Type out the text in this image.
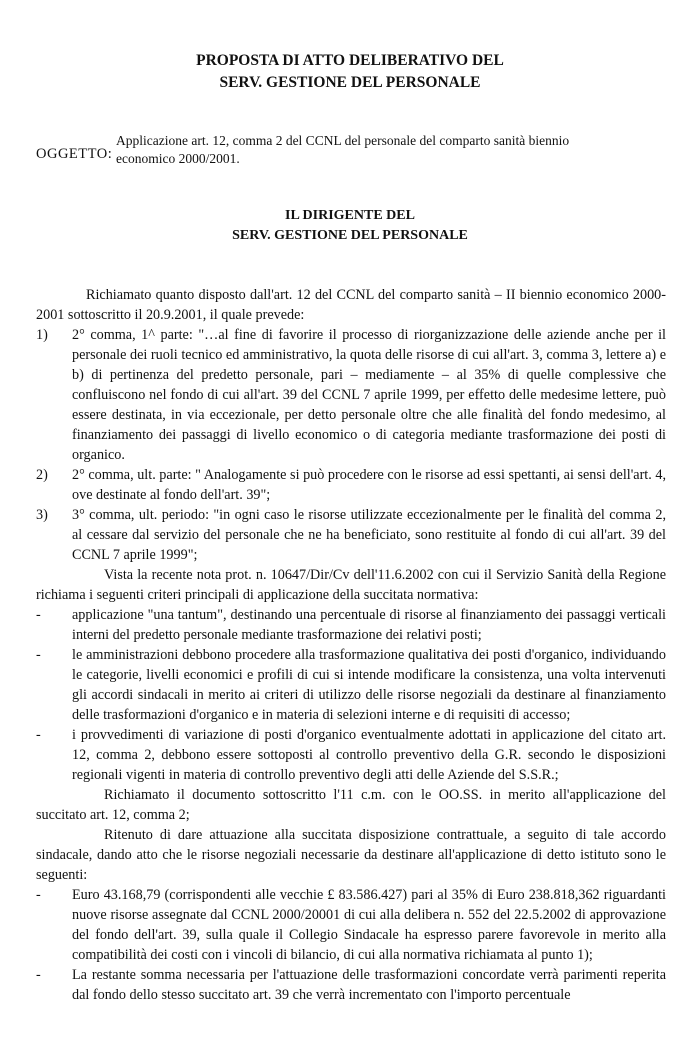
PROPOSTA DI ATTO DELIBERATIVO DEL
SERV. GESTIONE DEL PERSONALE
OGGETTO:
Applicazione art. 12, comma 2 del CCNL del personale del comparto sanità biennio
economico 2000/2001.
IL DIRIGENTE DEL
SERV. GESTIONE DEL PERSONALE

Richiamato quanto disposto dall'art. 12 del CCNL del comparto sanità – II biennio economico 2000-2001 sottoscritto il 20.9.2001, il quale prevede:

1) 2° comma, 1^ parte: "…al fine di favorire il processo di riorganizzazione delle aziende anche per il personale dei ruoli tecnico ed amministrativo, la quota delle risorse di cui all'art. 3, comma 3, lettere a) e b) di pertinenza del predetto personale, pari – mediamente – al 35% di quelle complessive che confluiscono nel fondo di cui all'art. 39 del CCNL 7 aprile 1999, per effetto delle medesime lettere, può essere destinata, in via eccezionale, per detto personale oltre che alle finalità del fondo medesimo, al finanziamento dei passaggi di livello economico o di categoria mediante trasformazione dei posti di organico.

2) 2° comma, ult. parte: " Analogamente si può procedere con le risorse ad essi spettanti, ai sensi dell'art. 4, ove destinate al fondo dell'art. 39";

3) 3° comma, ult. periodo: "in ogni caso le risorse utilizzate eccezionalmente per le finalità del comma 2, al cessare dal servizio del personale che ne ha beneficiato, sono restituite al fondo di cui all'art. 39 del CCNL 7 aprile 1999";

Vista la recente nota prot. n. 10647/Dir/Cv dell'11.6.2002 con cui il Servizio Sanità della Regione richiama i seguenti criteri principali di applicazione della succitata normativa:

- applicazione "una tantum", destinando una percentuale di risorse al finanziamento dei passaggi verticali interni del predetto personale mediante trasformazione dei relativi posti;

- le amministrazioni debbono procedere alla trasformazione qualitativa dei posti d'organico, individuando le categorie, livelli economici e profili di cui si intende modificare la consistenza, una volta intervenuti gli accordi sindacali in merito ai criteri di utilizzo delle risorse negoziali da destinare al finanziamento delle trasformazioni d'organico e in materia di selezioni interne e di requisiti di accesso;

- i provvedimenti di variazione di posti d'organico eventualmente adottati in applicazione del citato art. 12, comma 2, debbono essere sottoposti al controllo preventivo della G.R. secondo le disposizioni regionali vigenti in materia di controllo preventivo degli atti delle Aziende del S.S.R.;

Richiamato il documento sottoscritto l'11 c.m. con le OO.SS. in merito all'applicazione del succitato art. 12, comma 2;

Ritenuto di dare attuazione alla succitata disposizione contrattuale, a seguito di tale accordo sindacale, dando atto che le risorse negoziali necessarie da destinare all'applicazione di detto istituto sono le seguenti:

- Euro 43.168,79 (corrispondenti alle vecchie £ 83.586.427) pari al 35% di Euro 238.818,362 riguardanti nuove risorse assegnate dal CCNL 2000/20001 di cui alla delibera n. 552 del 22.5.2002 di approvazione del fondo dell'art. 39, sulla quale il Collegio Sindacale ha espresso parere favorevole in merito alla compatibilità dei costi con i vincoli di bilancio, di cui alla normativa richiamata al punto 1);

- La restante somma necessaria per l'attuazione delle trasformazioni concordate verrà parimenti reperita dal fondo dello stesso succitato art. 39 che verrà incrementato con l'importo percentuale
